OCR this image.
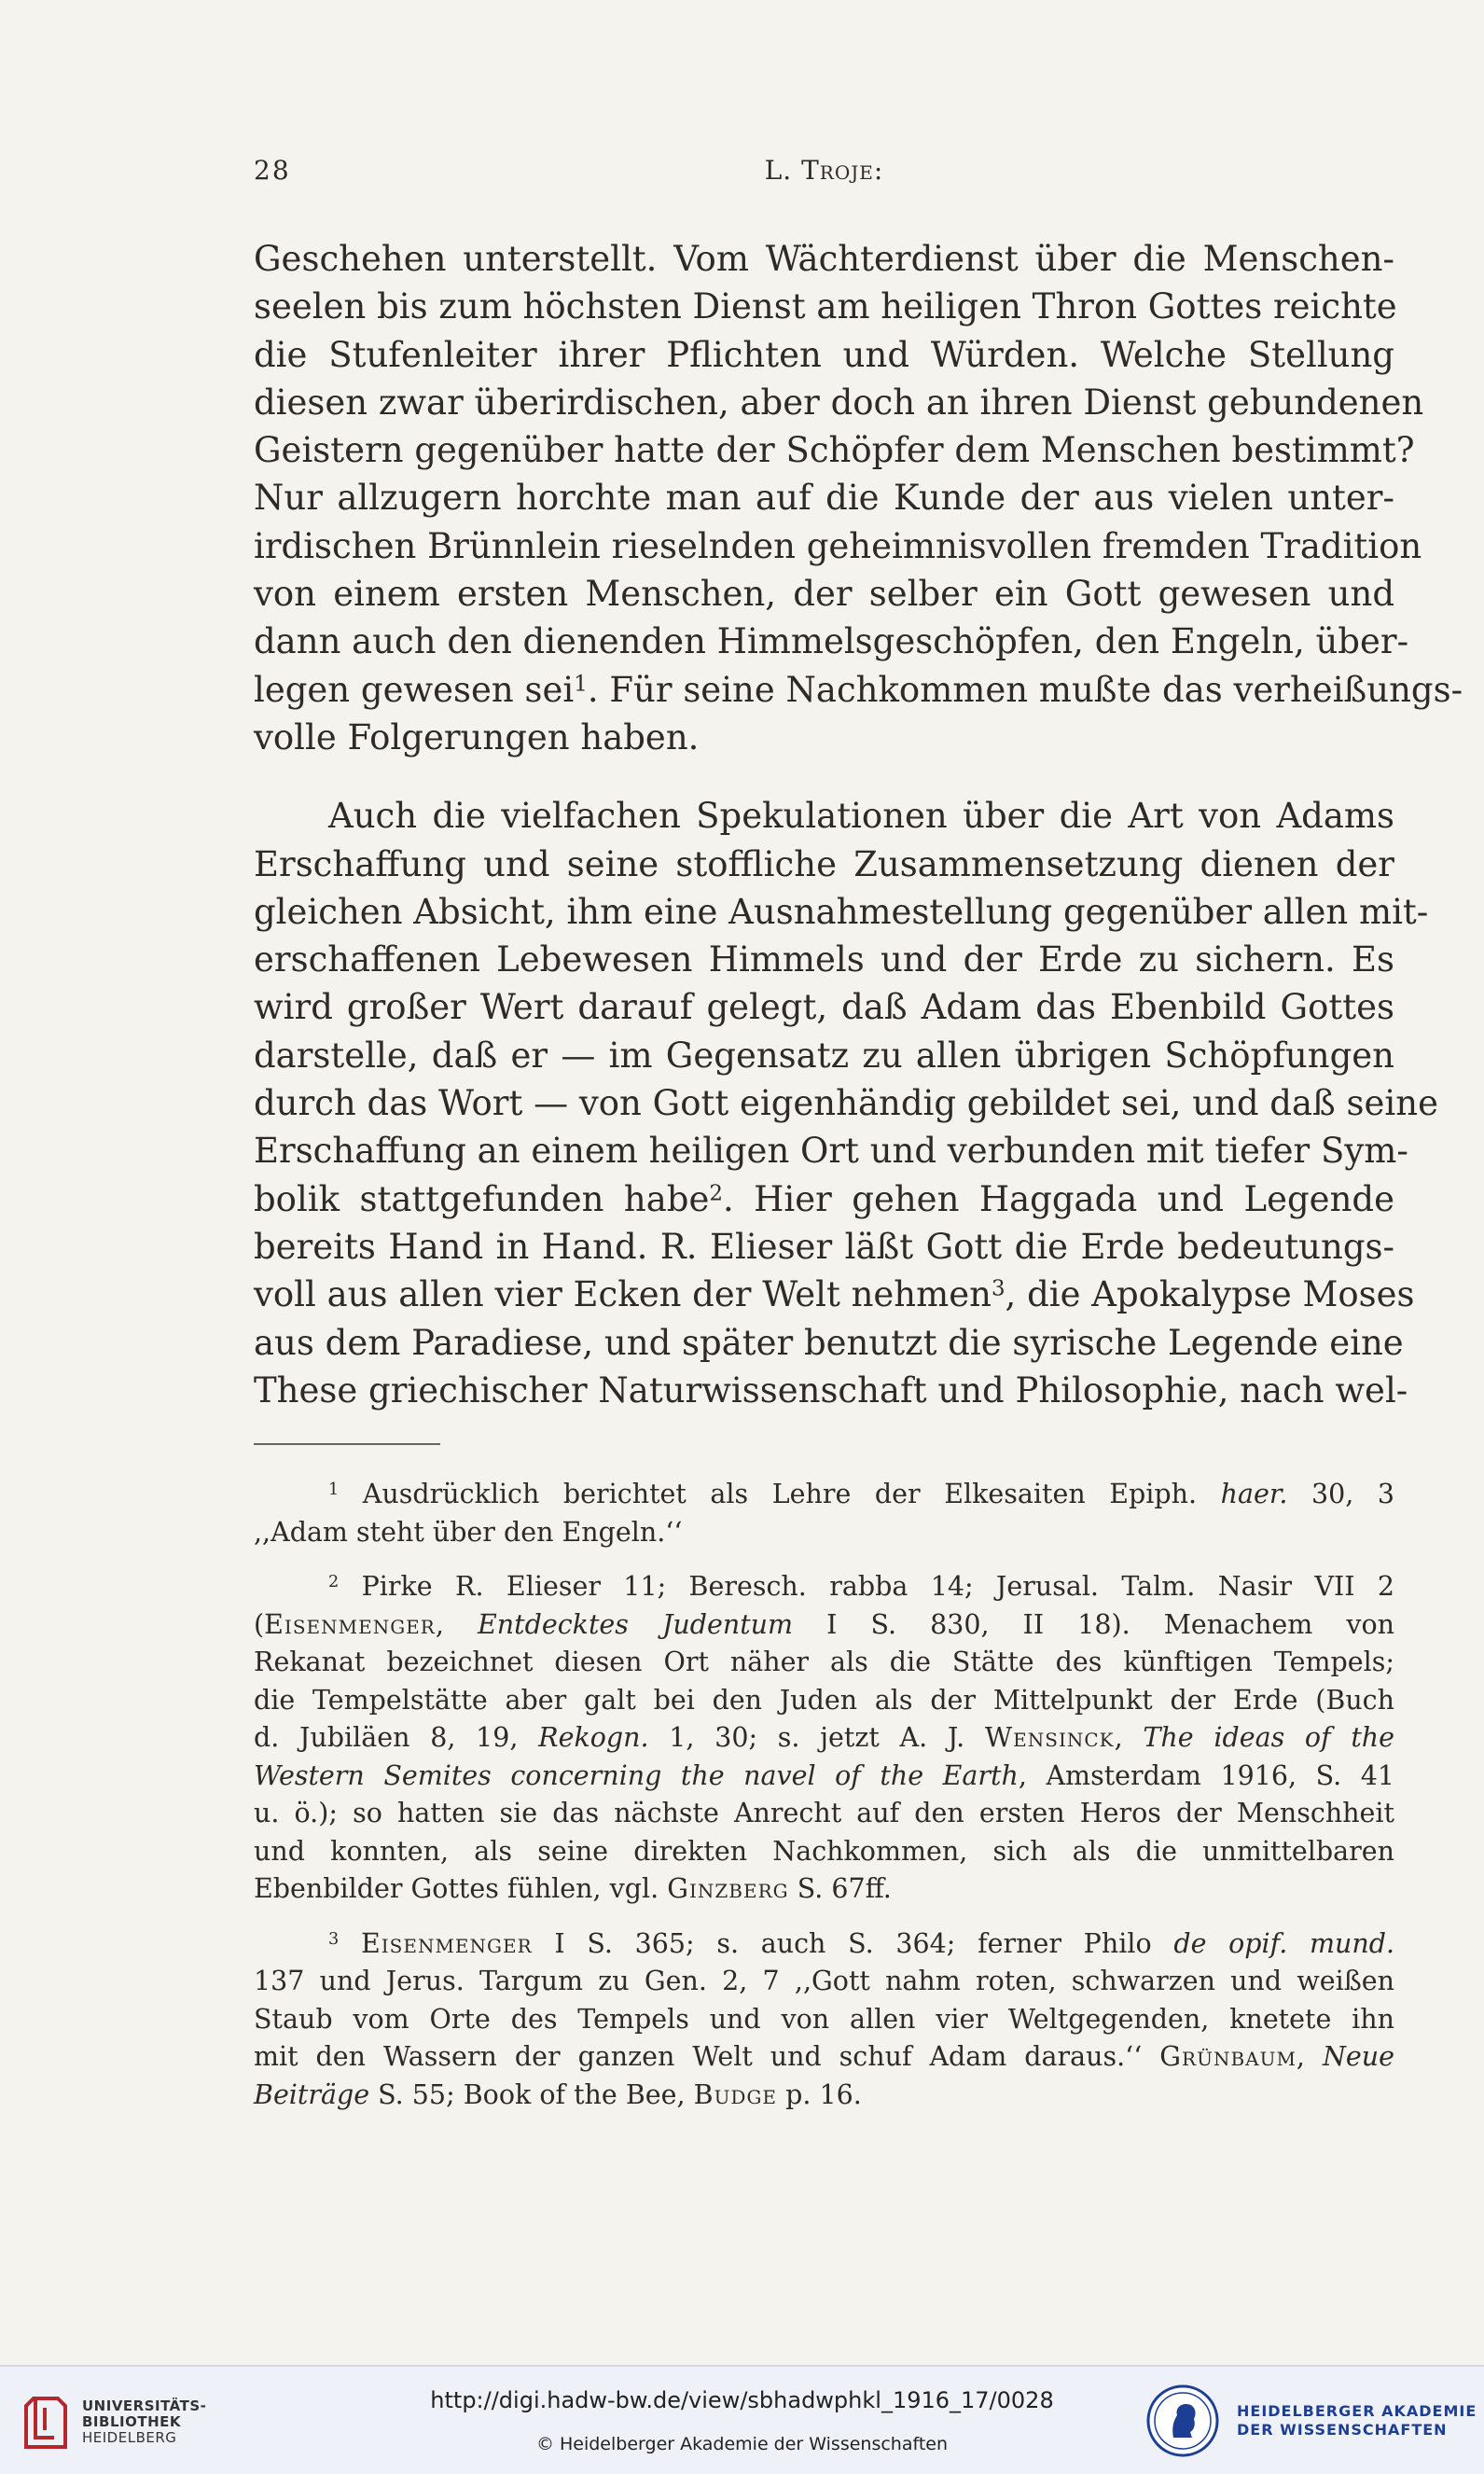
28	L. Troje:

Geschehen unterstellt. Vom Wächterdienst über die Menschen-
seelen bis zum höchsten Dienst am heiligen Thron Gottes reichte
die Stufenleiter ihrer Pflichten und Würden. Welche Stellung
diesen zwar überirdischen, aber doch an ihren Dienst gebundenen
Geistern gegenüber hatte der Schöpfer dem Menschen bestimmt?
Nur allzugern horchte man auf die Kunde der aus vielen unter-
irdischen Brünnlein rieselnden geheimnisvollen fremden Tradition
von einem ersten Menschen, der selber ein Gott gewesen und
dann auch den dienenden Himmelsgeschöpfen, den Engeln, über-
legen gewesen sei$^1$. Für seine Nachkommen mußte das verheißungs-
volle Folgerungen haben.

Auch die vielfachen Spekulationen über die Art von Adams
Erschaffung und seine stoffliche Zusammensetzung dienen der
gleichen Absicht, ihm eine Ausnahmestellung gegenüber allen mit-
erschaffenen Lebewesen Himmels und der Erde zu sichern. Es
wird großer Wert darauf gelegt, daß Adam das Ebenbild Gottes
darstelle, daß er — im Gegensatz zu allen übrigen Schöpfungen
durch das Wort — von Gott eigenhändig gebildet sei, und daß seine
Erschaffung an einem heiligen Ort und verbunden mit tiefer Sym-
bolik stattgefunden habe$^2$. Hier gehen Haggada und Legende
bereits Hand in Hand. R. Elieser läßt Gott die Erde bedeutungs-
voll aus allen vier Ecken der Welt nehmen$^3$, die Apokalypse Moses
aus dem Paradiese, und später benutzt die syrische Legende eine
These griechischer Naturwissenschaft und Philosophie, nach wel-

$^1$ Ausdrücklich berichtet als Lehre der Elkesaiten Epiph. haer. 30, 3
,,Adam steht über den Engeln.‘‘
$^2$ Pirke R. Elieser 11; Beresch. rabba 14; Jerusal. Talm. Nasir VII 2
(Eisenmenger, Entdecktes Judentum I S. 830, II 18). Menachem von
Rekanat bezeichnet diesen Ort näher als die Stätte des künftigen Tempels;
die Tempelstätte aber galt bei den Juden als der Mittelpunkt der Erde (Buch
d. Jubiläen 8, 19, Rekogn. 1, 30; s. jetzt A. J. Wensinck, The ideas of the
Western Semites concerning the navel of the Earth, Amsterdam 1916, S. 41
u. ö.); so hatten sie das nächste Anrecht auf den ersten Heros der Menschheit
und konnten, als seine direkten Nachkommen, sich als die unmittelbaren
Ebenbilder Gottes fühlen, vgl. Ginzberg S. 67ff.
$^3$ Eisenmenger I S. 365; s. auch S. 364; ferner Philo de opif. mund.
137 und Jerus. Targum zu Gen. 2, 7 ,,Gott nahm roten, schwarzen und weißen
Staub vom Orte des Tempels und von allen vier Weltgegenden, knetete ihn
mit den Wassern der ganzen Welt und schuf Adam daraus.‘‘ Grünbaum, Neue
Beiträge S. 55; Book of the Bee, Budge p. 16.
UNIVERSITÄTS-
BIBLIOTHEK
HEIDELBERG
http://digi.hadw-bw.de/view/sbhadwphkl_1916_17/0028
© Heidelberger Akademie der Wissenschaften
HEIDELBERGER AKADEMIE
DER WISSENSCHAFTEN
